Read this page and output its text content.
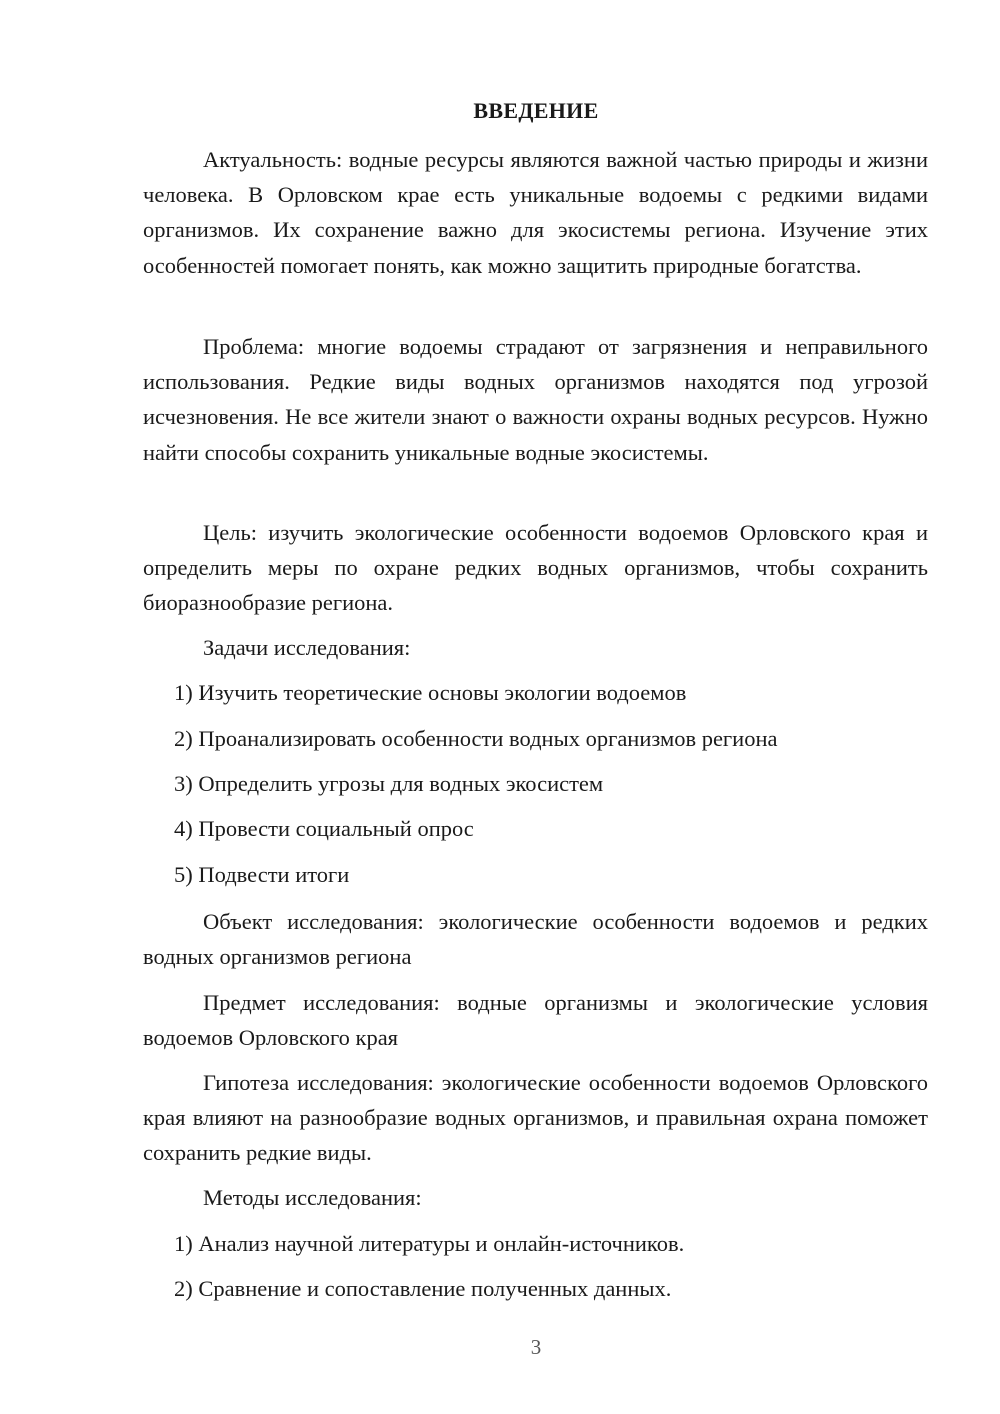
ВВЕДЕНИЕ

Актуальность: водные ресурсы являются важной частью природы и жизни человека. В Орловском крае есть уникальные водоемы с редкими видами организмов. Их сохранение важно для экосистемы региона. Изучение этих особенностей помогает понять, как можно защитить природные богатства.

Проблема: многие водоемы страдают от загрязнения и неправильного использования. Редкие виды водных организмов находятся под угрозой исчезновения. Не все жители знают о важности охраны водных ресурсов. Нужно найти способы сохранить уникальные водные экосистемы.

Цель: изучить экологические особенности водоемов Орловского края и определить меры по охране редких водных организмов, чтобы сохранить биоразнообразие региона.

Задачи исследования:

1) Изучить теоретические основы экологии водоемов

2) Проанализировать особенности водных организмов региона

3) Определить угрозы для водных экосистем

4) Провести социальный опрос

5) Подвести итоги

Объект исследования: экологические особенности водоемов и редких водных организмов региона

Предмет исследования: водные организмы и экологические условия водоемов Орловского края

Гипотеза исследования: экологические особенности водоемов Орловского края влияют на разнообразие водных организмов, и правильная охрана поможет сохранить редкие виды.

Методы исследования:

1) Анализ научной литературы и онлайн-источников.

2) Сравнение и сопоставление полученных данных.

3
